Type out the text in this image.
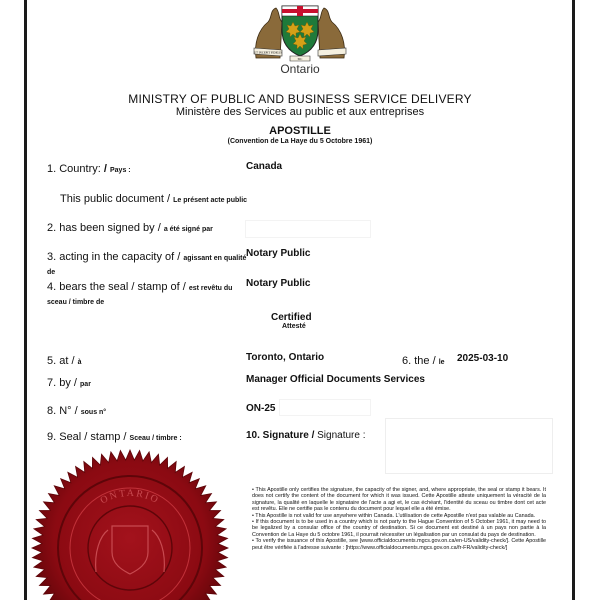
UT INCEPIT FIDELIS
SIC
Ontario
MINISTRY OF PUBLIC AND BUSINESS SERVICE DELIVERY
Ministère des Services au public et aux entreprises
APOSTILLE
(Convention de La Haye du 5 Octobre 1961)
1. Country: / Pays :	Canada
This public document / Le présent acte public
2. has been signed by / a été signé par
3. acting in the capacity of / agissant en qualité de
Notary Public
4. bears the seal / stamp of / est revêtu du sceau / timbre de
Notary Public
Certified
Attesté
5. at / à	Toronto, Ontario	6. the / le 2025-03-10
7. by / par	Manager Official Documents Services
8. N° / sous n°	ON-25
9. Seal / stamp / Sceau / timbre :	10. Signature / Signature :
ONTARIO

• This Apostille only certifies the signature, the capacity of the signer, and, where appropriate, the seal or stamp it bears. It does not certify the content of the document for which it was issued. Cette Apostille atteste uniquement la véracité de la signature, la qualité en laquelle le signataire de l'acte a agi et, le cas échéant, l'identité du sceau ou timbre dont cet acte est revêtu. Elle ne certifie pas le contenu du document pour lequel elle a été émise.

• This Apostille is not valid for use anywhere within Canada. L'utilisation de cette Apostille n'est pas valable au Canada.

• If this document is to be used in a country which is not party to the Hague Convention of 5 October 1961, it may need to be legalized by a consular office of the country of destination. Si ce document est destiné à un pays non partie à la Convention de La Haye du 5 octobre 1961, il pourrait nécessiter un légalisation par un consulat du pays de destination.

• To verify the issuance of this Apostille, see [www.officialdocuments.mgcs.gov.on.ca/en-US/validity-check/]. Cette Apostille peut être vérifiée à l'adresse suivante : [https://www.officialdocuments.mgcs.gov.on.ca/fr-FR/validity-check/]
